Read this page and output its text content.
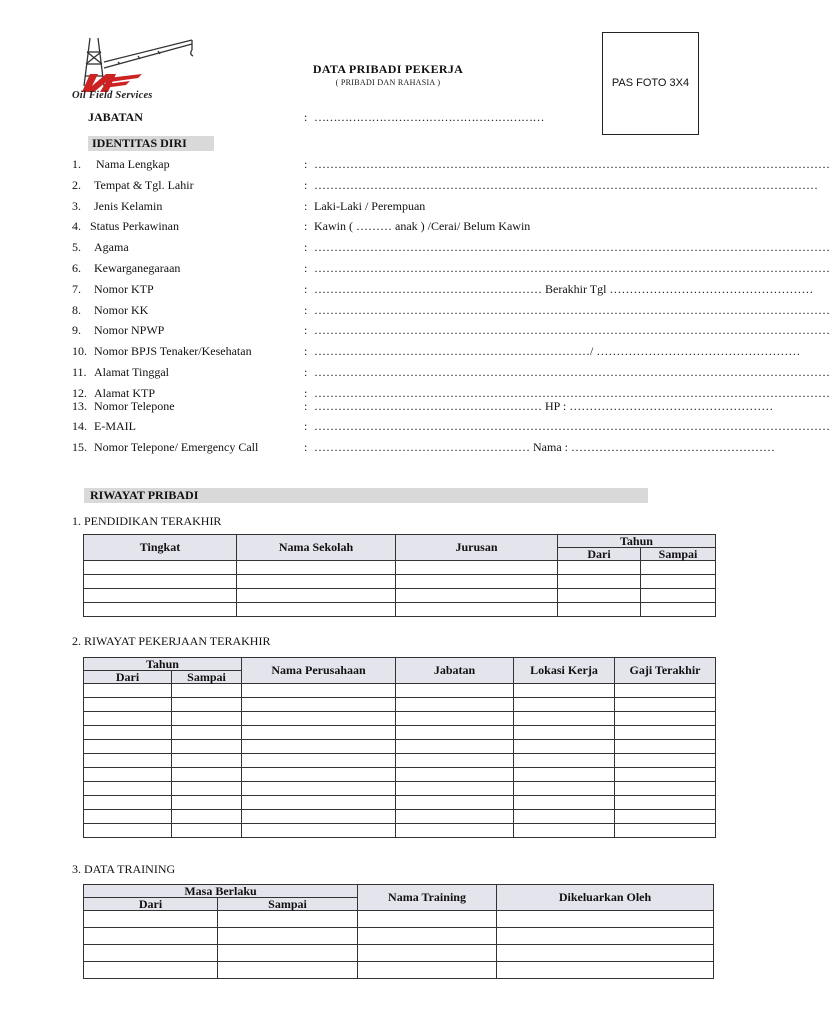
Oil Field Services
DATA PRIBADI PEKERJA
( PRIBADI DAN RAHASIA )	PAS FOTO 3X4
JABATAN	: ……………………………………………………
IDENTITAS DIRI
1. Nama Lengkap	: …………………………………………………………………………………………………………………
2. Tempat & Tgl. Lahir	: ………………………………………………………………………………………………………………
3. Jenis Kelamin	: Laki-Laki / Perempuan
4. Status Perkawinan	: Kawin ( ……… anak ) /Cerai/ Belum Kawin
5. Agama	: …………………………………………………………………………………………………………………
6. Kewarganegaraan	: …………………………………………………………………………………………………………………
7. Nomor KTP	: ………………………………………………… Berakhir Tgl ……………………………………………
8. Nomor KK	: …………………………………………………………………………………………………………………
9. Nomor NPWP	: …………………………………………………………………………………………………………………
10. Nomor BPJS Tenaker/Kesehatan	: ……………………………………………………………/ ……………………………………………
11. Alamat Tinggal	: …………………………………………………………………………………………………………………
12. Alamat KTP	: …………………………………………………………………………………………………………………
13. Nomor Telepone	: ………………………………………………… HP : ……………………………………………
14. E-MAIL	: …………………………………………………………………………………………………………………
15. Nomor Telepone/ Emergency Call	: ……………………………………………… Nama : ……………………………………………
RIWAYAT PRIBADI
1. PENDIDIKAN TERAKHIR
Tingkat	Nama Sekolah	Jurusan	Tahun	
			Dari	Sampai

2. RIWAYAT PEKERJAAN TERAKHIR
Tahun		Nama Perusahaan	Jabatan	Lokasi Kerja	Gaji Terakhir
Dari	Sampai				

3. DATA TRAINING
Masa Berlaku		Nama Training	Dikeluarkan Oleh
Dari	Sampai		
